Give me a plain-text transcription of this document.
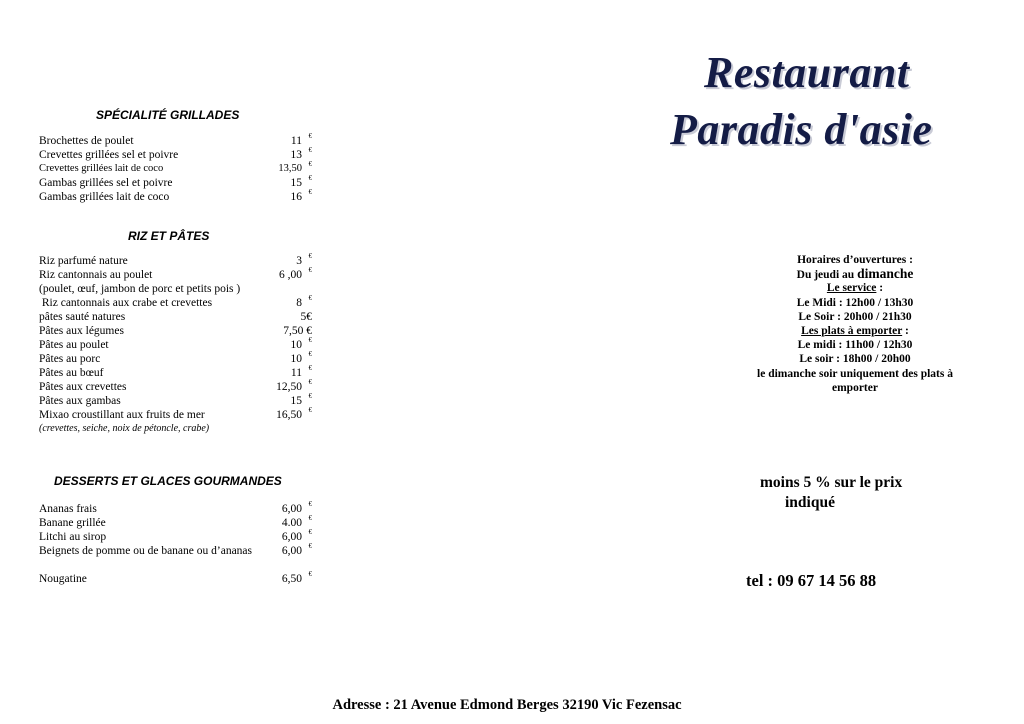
SPÉCIALITÉ GRILLADES
Brochettes de poulet	11 €
Crevettes grillées sel et poivre	13 €
Crevettes grillées lait de coco	13,50 €
Gambas grillées sel et poivre	15 €
Gambas grillées lait de coco	16 €
RIZ ET PÂTES
Riz parfumé nature	3 €
Riz cantonnais au poulet	6 ,00 €
(poulet, œuf, jambon de porc et petits pois )
Riz cantonnais aux crabe et crevettes	8 €
pâtes sauté natures	5€
Pâtes aux légumes	7,50 €
Pâtes au poulet	10 €
Pâtes au porc	10 €
Pâtes au bœuf	11 €
Pâtes aux crevettes	12,50 €
Pâtes aux gambas	15 €
Mixao croustillant aux fruits de mer	16,50 €
(crevettes, seiche, noix de pétoncle, crabe)
DESSERTS ET GLACES GOURMANDES
Ananas frais	6,00 €
Banane grillée	4.00 €
Litchi au sirop	6,00 €
Beignets de pomme ou de banane ou d’ananas	6,00 €
Nougatine	6,50 €
Restaurant
Paradis d'asie
Horaires d’ouvertures :
Du jeudi au dimanche
Le service :
Le Midi : 12h00 / 13h30
Le Soir : 20h00 / 21h30
Les plats à emporter :
Le midi : 11h00 / 12h30
Le soir : 18h00 / 20h00
le dimanche soir uniquement des plats à
emporter
moins 5 % sur le prix
indiqué
tel : 09 67 14 56 88
Adresse : 21 Avenue Edmond Berges 32190 Vic Fezensac
